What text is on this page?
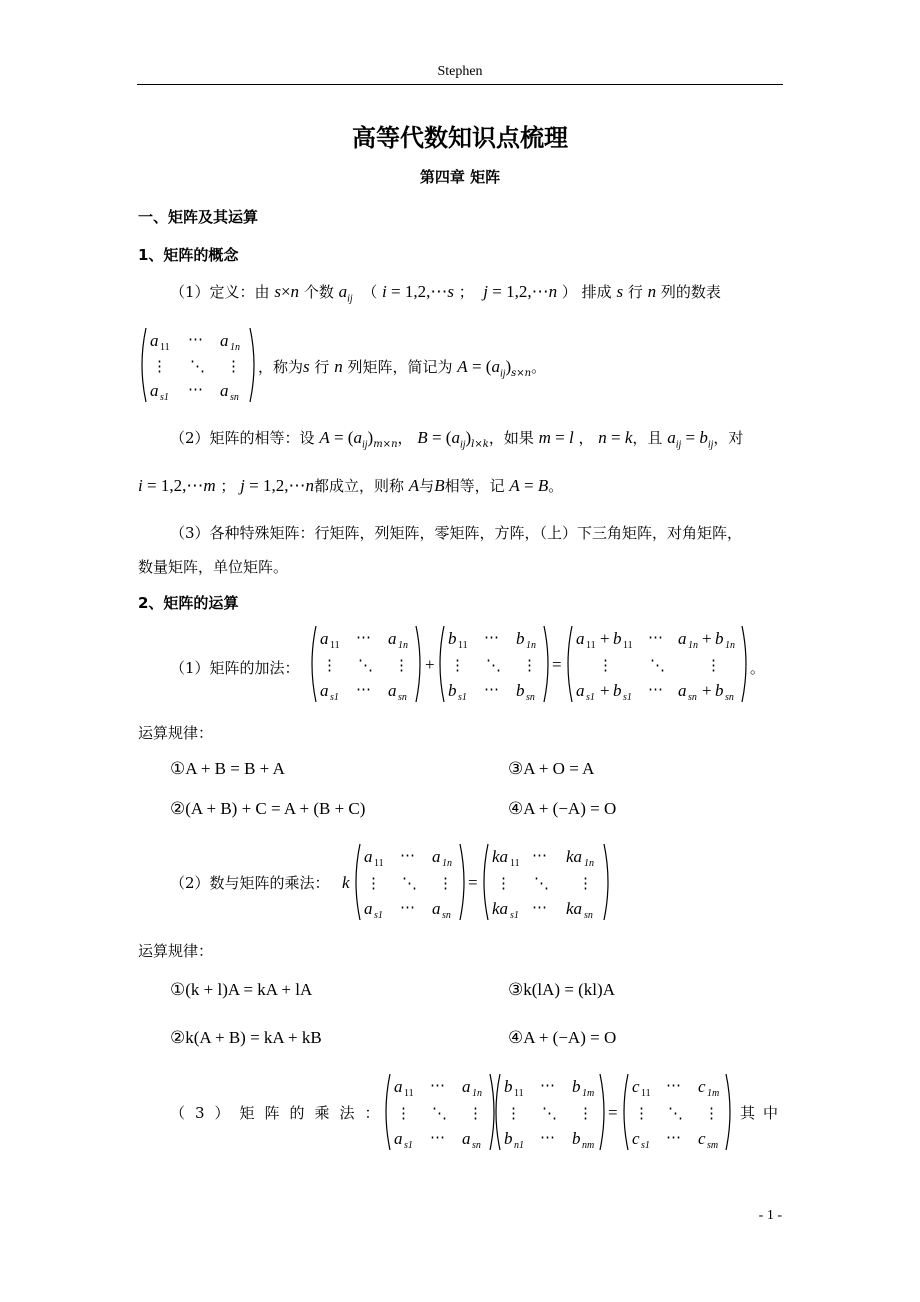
Stephen
高等代数知识点梳理
第四章 矩阵
一、矩阵及其运算
1、矩阵的概念
（1）定义：由 s×n 个数 $a_{ij}$  （ i = 1,2,⋯s ；  j = 1,2,⋯n ） 排成 s 行 n 列的数表
a 11 ⋯ a 1n
⋮ ⋱ ⋮
a s1 ⋯ a sn
，称为s 行 n 列矩阵，简记为 $A = (a_{ij})_{s\times n}$。
（2）矩阵的相等：设 $A = (a_{ij})_{m\times n}$， $B = (a_{ij})_{l\times k}$，如果 m = l ， n = k，且 $a_{ij} = b_{ij}$，对
i = 1,2,⋯m ； j = 1,2,⋯n都成立，则称 A与B相等，记 A = B。
（3）各种特殊矩阵：行矩阵，列矩阵，零矩阵，方阵，（上）下三角矩阵，对角矩阵，
数量矩阵，单位矩阵。
2、矩阵的运算
（1）矩阵的加法：
a 11 ⋯ a 1n
⋮ ⋱ ⋮
a s1 ⋯ a sn
+
b 11 ⋯ b 1n
⋮ ⋱ ⋮
b s1 ⋯ b sn
=
a 11 + b 11 ⋯ a 1n + b 1n
⋮ ⋱	⋮
a s1 + b s1 ⋯ a sn + b sn
。
运算规律：
①A + B = B + A	③A + O = A
②(A + B) + C = A + (B + C)	④A + (−A) = O
（2）数与矩阵的乘法： k
a 11 ⋯ a 1n
⋮ ⋱ ⋮
a s1 ⋯ a sn
=
ka 11 ⋯ ka 1n
⋮ ⋱ ⋮
ka s1 ⋯ ka sn
运算规律：
①(k + l)A = kA + lA	③k(lA) = (kl)A
②k(A + B) = kA + kB	④A + (−A) = O
（3）矩阵的乘法：
a 11 ⋯ a 1n
⋮ ⋱ ⋮
a s1 ⋯ a sn
b 11 ⋯ b 1m
⋮ ⋱ ⋮
b n1 ⋯ b nm
=
c 11 ⋯ c 1m
⋮ ⋱ ⋮
c s1 ⋯ c sm
其中
- 1 -
